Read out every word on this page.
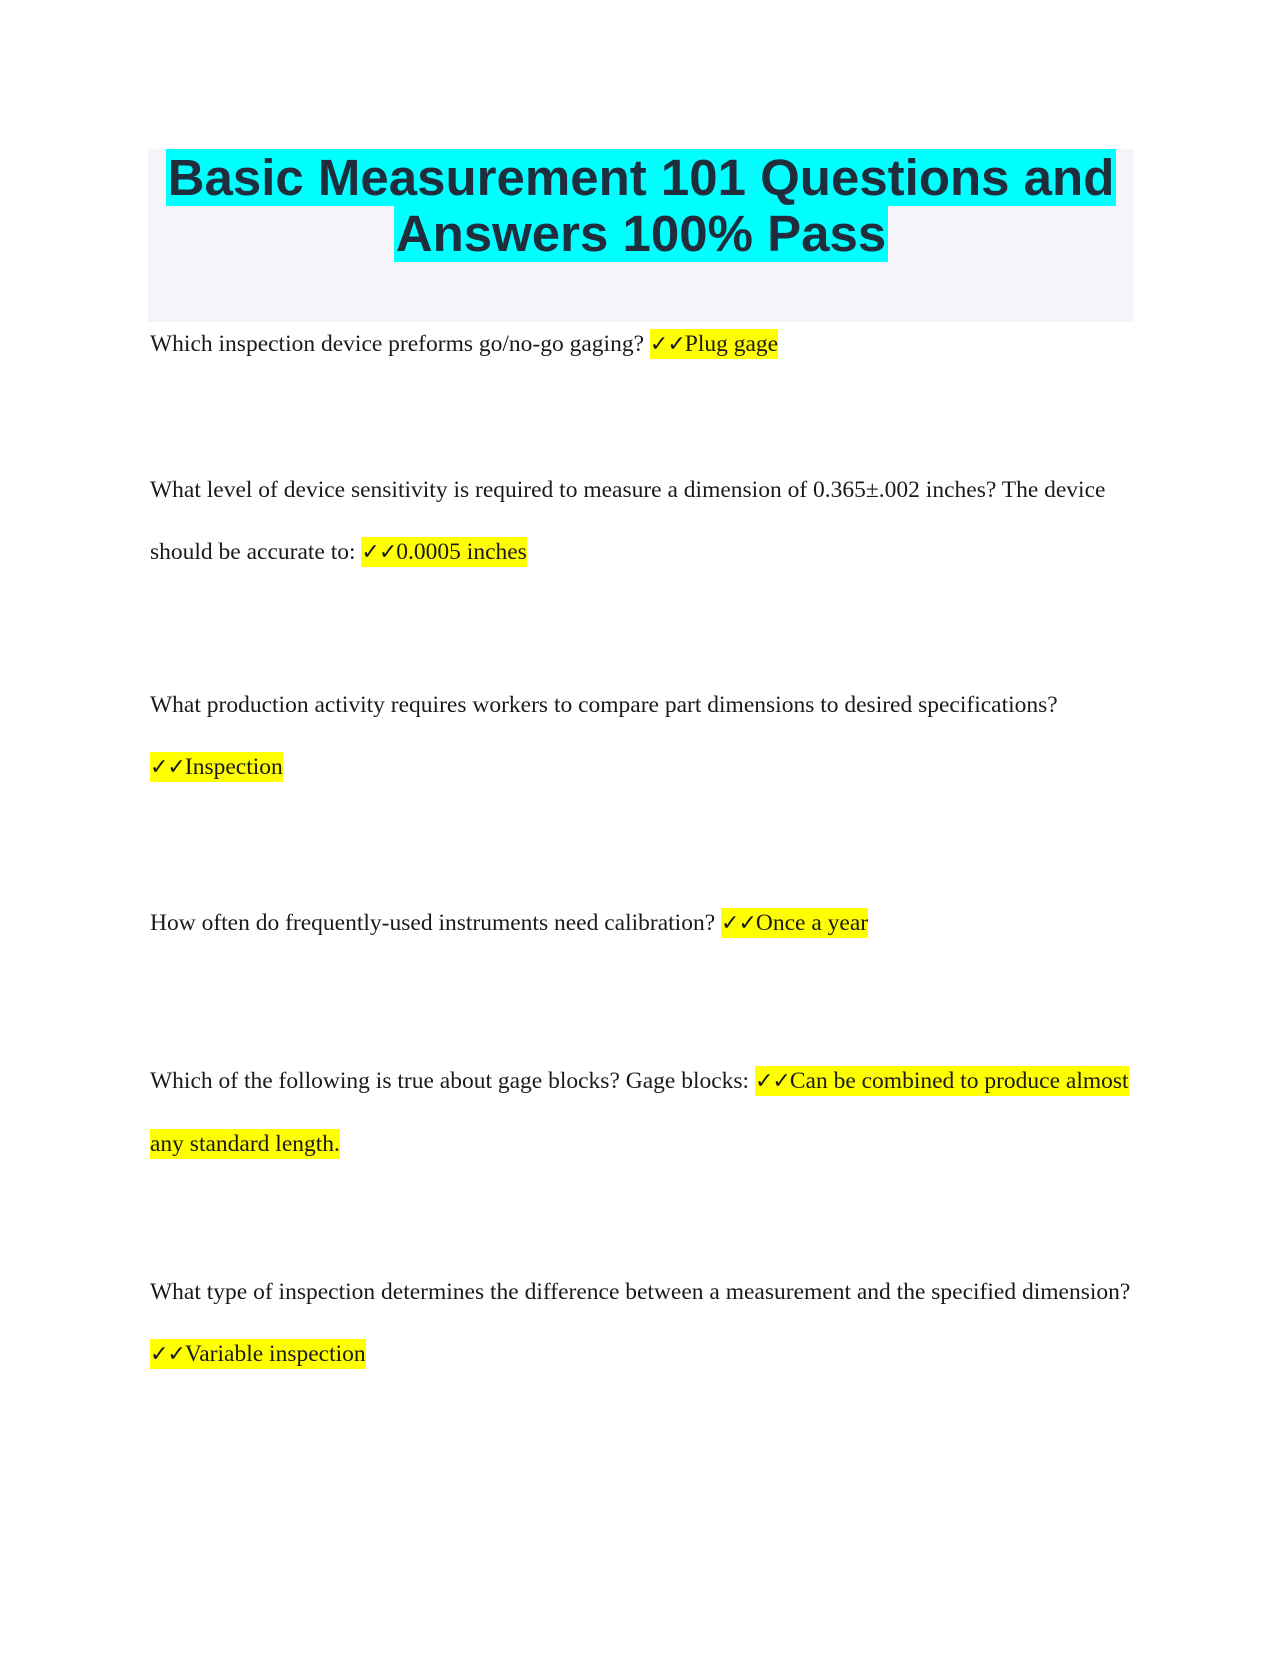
Basic Measurement 101 Questions and Answers 100% Pass

Which inspection device preforms go/no-go gaging? ✓✓Plug gage

What level of device sensitivity is required to measure a dimension of 0.365±.002 inches? The device should be accurate to: ✓✓0.0005 inches

What production activity requires workers to compare part dimensions to desired specifications? ✓✓Inspection

How often do frequently-used instruments need calibration? ✓✓Once a year

Which of the following is true about gage blocks? Gage blocks: ✓✓Can be combined to produce almost any standard length.

What type of inspection determines the difference between a measurement and the specified dimension? ✓✓Variable inspection
